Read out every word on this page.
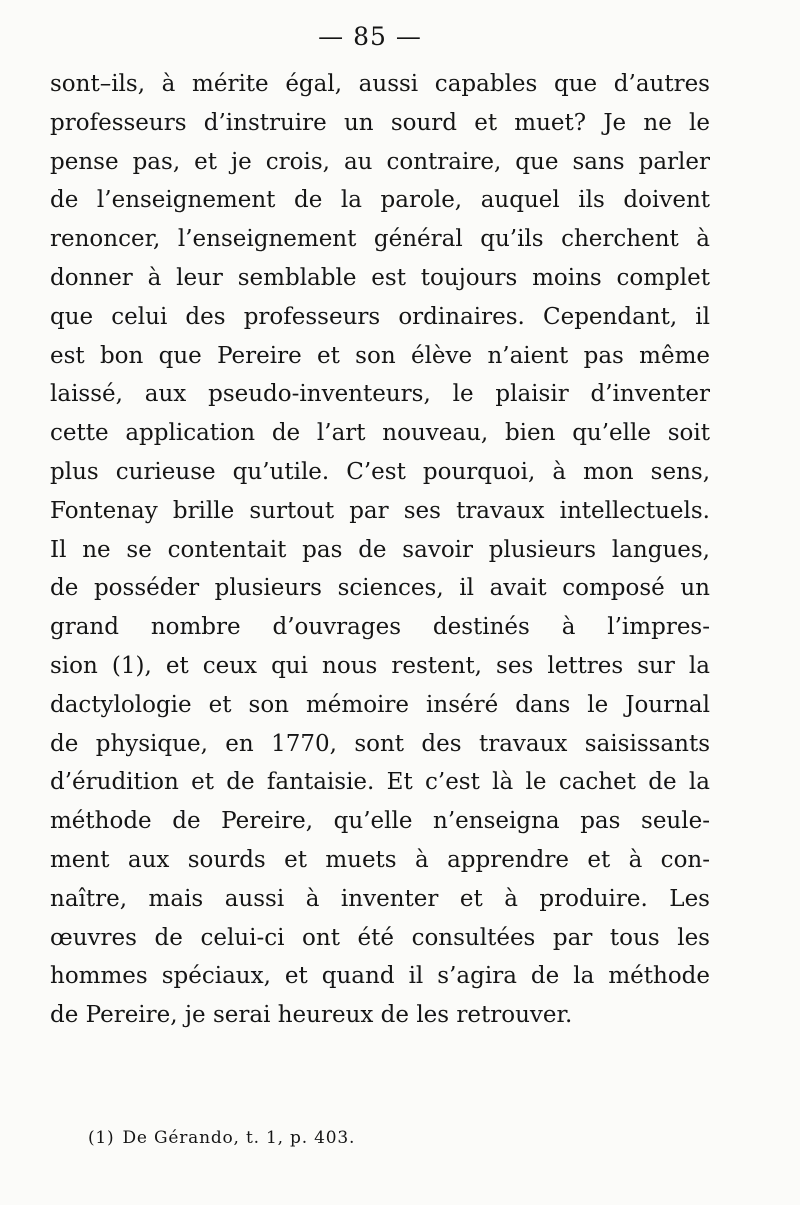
— 85 —
sont–ils, à mérite égal, aussi capables que d’autres
professeurs d’instruire un sourd et muet? Je ne le
pense pas, et je crois, au contraire, que sans parler
de l’enseignement de la parole, auquel ils doivent
renoncer, l’enseignement général qu’ils cherchent à
donner à leur semblable est toujours moins complet
que celui des professeurs ordinaires. Cependant, il
est bon que Pereire et son élève n’aient pas même
laissé, aux pseudo-inventeurs, le plaisir d’inventer
cette application de l’art nouveau, bien qu’elle soit
plus curieuse qu’utile. C’est pourquoi, à mon sens,
Fontenay brille surtout par ses travaux intellectuels.
Il ne se contentait pas de savoir plusieurs langues,
de posséder plusieurs sciences, il avait composé un
grand nombre d’ouvrages destinés à l’impres-
sion (1), et ceux qui nous restent, ses lettres sur la
dactylologie et son mémoire inséré dans le Journal
de physique, en 1770, sont des travaux saisissants
d’érudition et de fantaisie. Et c’est là le cachet de la
méthode de Pereire, qu’elle n’enseigna pas seule-
ment aux sourds et muets à apprendre et à con-
naître, mais aussi à inventer et à produire. Les
œuvres de celui-ci ont été consultées par tous les
hommes spéciaux, et quand il s’agira de la méthode
de Pereire, je serai heureux de les retrouver.
(1) De Gérando, t. 1, p. 403.
